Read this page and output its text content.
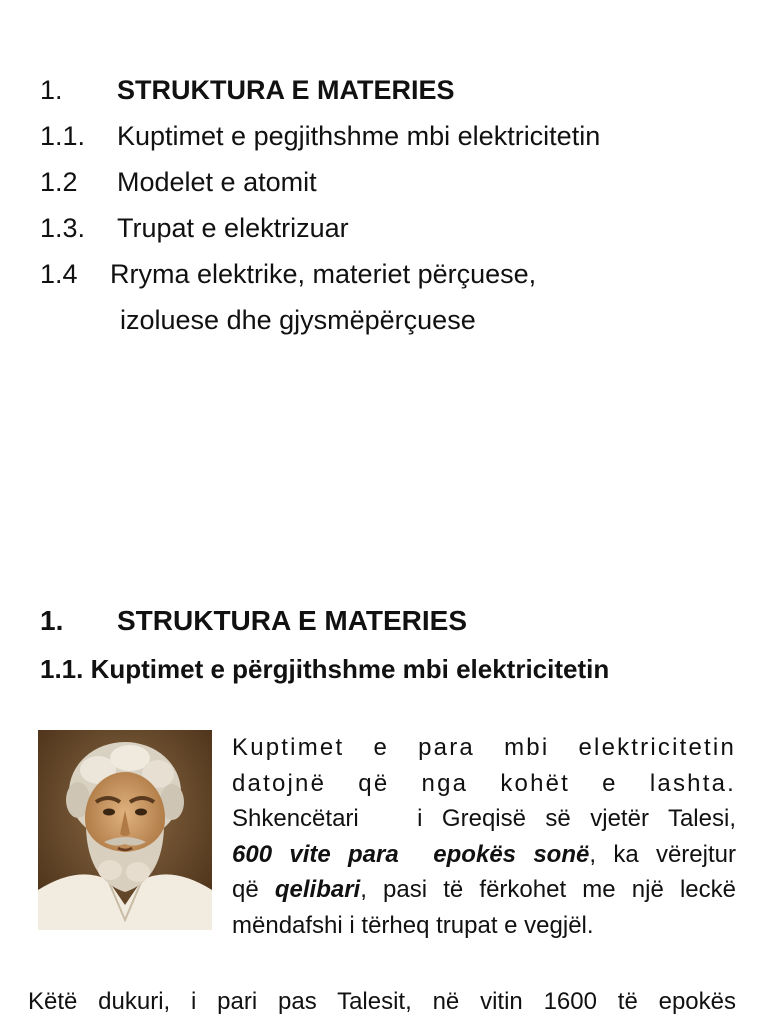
1. STRUKTURA E MATERIES
1.1. Kuptimet e pegjithshme mbi elektricitetin
1.2 Modelet e atomit
1.3. Trupat e elektrizuar
1.4 Rryma elektrike, materiet përçuese,
izoluese dhe gjysmëpërçuese
1. STRUKTURA E MATERIES
1.1. Kuptimet e përgjithshme mbi elektricitetin
Kuptimet e para mbi elektricitetin
datojnë që nga kohët e lashta.
Shkencëtari   i Greqisë së vjetër Talesi,
600 vite para  epokës sonë, ka vërejtur
që qelibari, pasi të fërkohet me një leckë
mëndafshi i tërheq trupat e vegjël.
Këtë dukuri, i pari pas Talesit, në vitin 1600 të epokës
